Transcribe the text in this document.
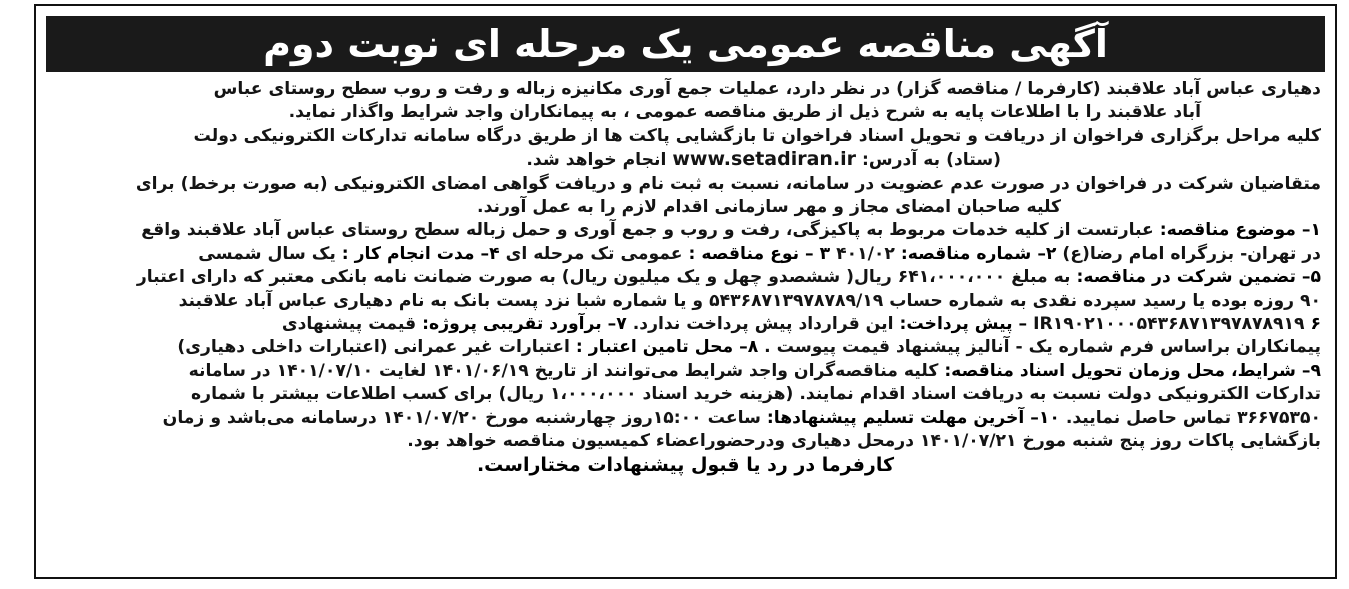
آگهی مناقصه عمومی یک مرحله ای نوبت دوم
دهیاری عباس آباد علاقبند (کارفرما / مناقصه گزار) در نظر دارد، عملیات جمع آوری مکانیزه زباله و رفت و روب سطح روستای عباس
آباد علاقبند را با اطلاعات پایه به شرح ذیل از طریق مناقصه عمومی ، به پیمانکاران واجد شرایط واگذار نماید.
کلیه مراحل برگزاری فراخوان از دریافت و تحویل اسناد فراخوان تا بازگشایی پاکت ها از طریق درگاه سامانه تدارکات الکترونیکی دولت
(ستاد) به آدرس: www.setadiran.ir انجام خواهد شد.
متقاضیان شرکت در فراخوان در صورت عدم عضویت در سامانه، نسبت به ثبت نام و دریافت گواهی امضای الکترونیکی (به صورت برخط) برای
کلیه صاحبان امضای مجاز و مهر سازمانی اقدام لازم را به عمل آورند.
۱– موضوع مناقصه: عبارتست از کلیه خدمات مربوط به پاکیزگی، رفت و روب و جمع آوری و حمل زباله سطح روستای عباس آباد علاقبند واقع
در تهران- بزرگراه امام رضا(ع) ۲– شماره مناقصه: ۴۰۱/۰۲ ۳ – نوع مناقصه : عمومی تک مرحله ای ۴– مدت انجام کار : یک سال شمسی
۵– تضمین شرکت در مناقصه: به مبلغ ۶۴۱،۰۰۰،۰۰۰ ریال( ششصدو چهل و یک میلیون ریال) به صورت ضمانت نامه بانکی معتبر که دارای اعتبار
۹۰ روزه بوده یا رسید سپرده نقدی به شماره حساب ۵۴۳۶۸۷۱۳۹۷۸۷۸۹/۱۹ و یا شماره شبا نزد پست بانک به نام دهیاری عباس آباد علاقبند
IR۱۹۰۲۱۰۰۰۵۴۳۶۸۷۱۳۹۷۸۷۸۹۱۹ ۶ – پیش پرداخت: این قرارداد پیش پرداخت ندارد. ۷– برآورد تقریبی پروژه: قیمت پیشنهادی
پیمانکاران براساس فرم شماره یک - آنالیز پیشنهاد قیمت پیوست . ۸– محل تامین اعتبار : اعتبارات غیر عمرانی (اعتبارات داخلی دهیاری)
۹– شرایط، محل وزمان تحویل اسناد مناقصه: کلیه مناقصه‌گران واجد شرایط می‌توانند از تاریخ ۱۴۰۱/۰۶/۱۹ لغایت ۱۴۰۱/۰۷/۱۰ در سامانه
تدارکات الکترونیکی دولت نسبت به دریافت اسناد اقدام نمایند. (هزینه خرید اسناد ۱،۰۰۰،۰۰۰ ریال) برای کسب اطلاعات بیشتر با شماره
۳۶۶۷۵۳۵۰ تماس حاصل نمایید. ۱۰– آخرین مهلت تسلیم پیشنهادها: ساعت ۱۵:۰۰روز چهارشنبه مورخ ۱۴۰۱/۰۷/۲۰ درسامانه می‌باشد و زمان
بازگشایی پاکات روز پنج شنبه مورخ ۱۴۰۱/۰۷/۲۱ درمحل دهیاری ودرحضوراعضاء کمیسیون مناقصه خواهد بود.
کارفرما در رد یا قبول پیشنهادات مختاراست.
